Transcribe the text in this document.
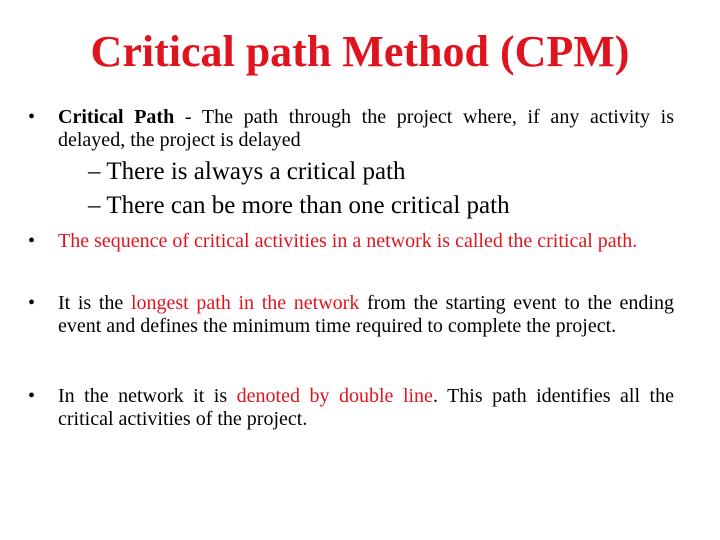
Critical path Method (CPM)
• Critical Path - The path through the project where, if any activity is delayed, the project is delayed
– There is always a critical path
– There can be more than one critical path
• The sequence of critical activities in a network is called the critical path.
• It is the longest path in the network from the starting event to the ending event and defines the minimum time required to complete the project.
• In the network it is denoted by double line. This path identifies all the critical activities of the project.
